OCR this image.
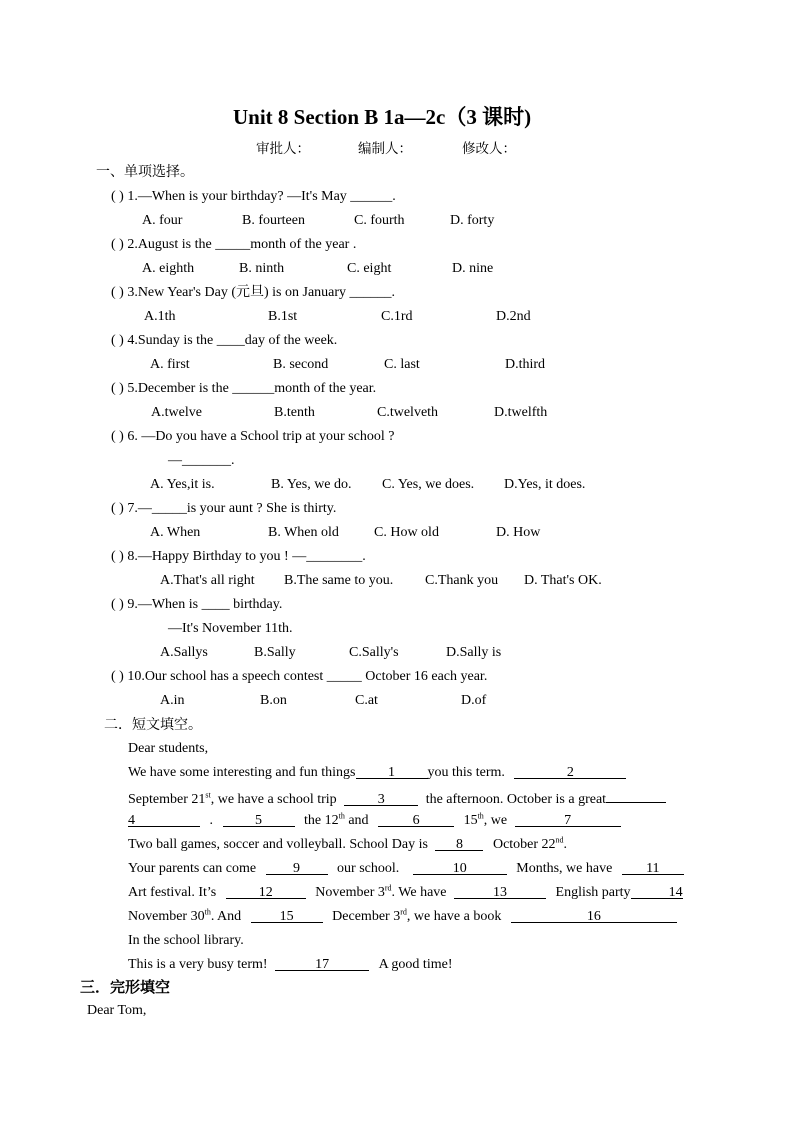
Unit 8 Section B 1a—2c（3 课时)
审批人：	编制人：	修改人：
一、单项选择。
( ) 1.—When is your birthday? —It's May ______.
A. four	B. fourteen	C. fourth	D. forty
( ) 2.August is the _____month of the year .
A. eighth	B. ninth	C. eight	D. nine
( ) 3.New Year's Day (元旦) is on January ______.
A.1th	B.1st	C.1rd	D.2nd
( ) 4.Sunday is the ____day of the week.
A. first	B. second	C. last	D.third
( ) 5.December is the ______month of the year.
A.twelve	B.tenth	C.twelveth	D.twelfth
( ) 6. —Do you have a School trip at your school ?
—_______.
A. Yes,it is.	B. Yes, we do. C. Yes, we does. D.Yes, it does.
( ) 7.—_____is your aunt ? She is thirty.
A. When	B. When old	C. How old	D. How
( ) 8.—Happy Birthday to you ! —________.
A.That's all right B.The same to you. C.Thank you D. That's OK.
( ) 9.—When is ____ birthday.
—It's November 11th.
A.Sallys	B.Sally	C.Sally's	D.Sally is
( ) 10.Our school has a speech contest _____ October 16 each year.
A.in	B.on	C.at	D.of
二．短文填空。
Dear students,
We have some interesting and fun things 1 you this term.	2
September 21st, we have a school trip	3	the afternoon. October is a great
4	.	5	the 12th and	6	15th, we	7
Two ball games, soccer and volleyball. School Day is 8 October 22nd.
Your parents can come	9	our school.	10	Months, we have 11
Art festival. It’s	12	November 3rd. We have	13	English party	14
November 30th. And	15	December 3rd, we have a book	16
In the school library.
This is a very busy term!	17	A good time!
三．完形填空
Dear Tom,
